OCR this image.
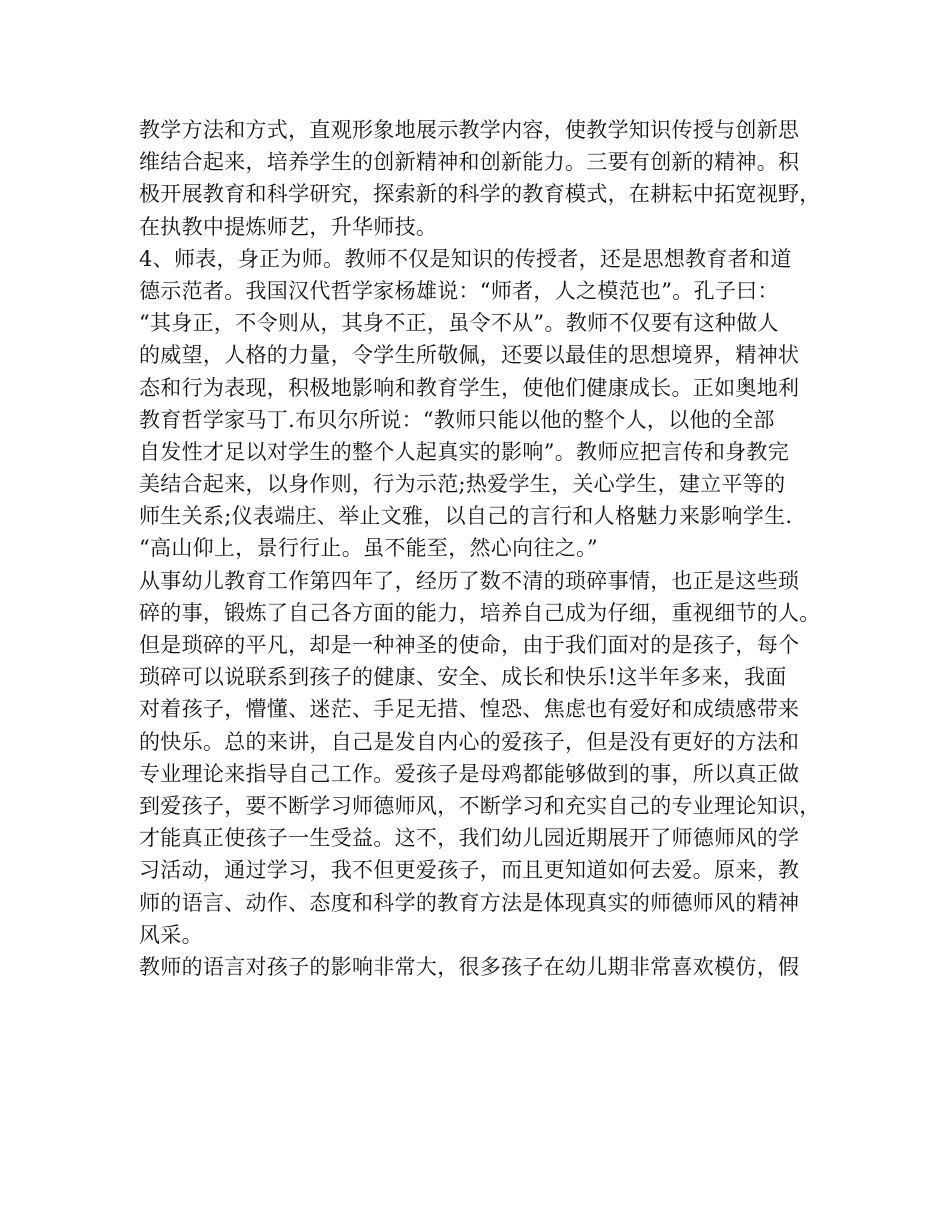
教学方法和方式，直观形象地展示教学内容，使教学知识传授与创新思
维结合起来，培养学生的创新精神和创新能力。三要有创新的精神。积
极开展教育和科学研究，探索新的科学的教育模式，在耕耘中拓宽视野，
在执教中提炼师艺，升华师技。
4、师表，身正为师。教师不仅是知识的传授者，还是思想教育者和道
德示范者。我国汉代哲学家杨雄说：“师者，人之模范也”。孔子曰：
“其身正，不令则从，其身不正，虽令不从”。教师不仅要有这种做人
的威望，人格的力量，令学生所敬佩，还要以最佳的思想境界，精神状
态和行为表现，积极地影响和教育学生，使他们健康成长。正如奥地利
教育哲学家马丁.布贝尔所说：“教师只能以他的整个人，以他的全部
自发性才足以对学生的整个人起真实的影响”。教师应把言传和身教完
美结合起来，以身作则，行为示范;热爱学生，关心学生，建立平等的
师生关系;仪表端庄、举止文雅，以自己的言行和人格魅力来影响学生.
“高山仰上，景行行止。虽不能至，然心向往之。”
从事幼儿教育工作第四年了，经历了数不清的琐碎事情，也正是这些琐
碎的事，锻炼了自己各方面的能力，培养自己成为仔细，重视细节的人。
但是琐碎的平凡，却是一种神圣的使命，由于我们面对的是孩子，每个
琐碎可以说联系到孩子的健康、安全、成长和快乐!这半年多来，我面
对着孩子，懵懂、迷茫、手足无措、惶恐、焦虑也有爱好和成绩感带来
的快乐。总的来讲，自己是发自内心的爱孩子，但是没有更好的方法和
专业理论来指导自己工作。爱孩子是母鸡都能够做到的事，所以真正做
到爱孩子，要不断学习师德师风，不断学习和充实自己的专业理论知识，
才能真正使孩子一生受益。这不，我们幼儿园近期展开了师德师风的学
习活动，通过学习，我不但更爱孩子，而且更知道如何去爱。原来，教
师的语言、动作、态度和科学的教育方法是体现真实的师德师风的精神
风采。
教师的语言对孩子的影响非常大，很多孩子在幼儿期非常喜欢模仿，假
